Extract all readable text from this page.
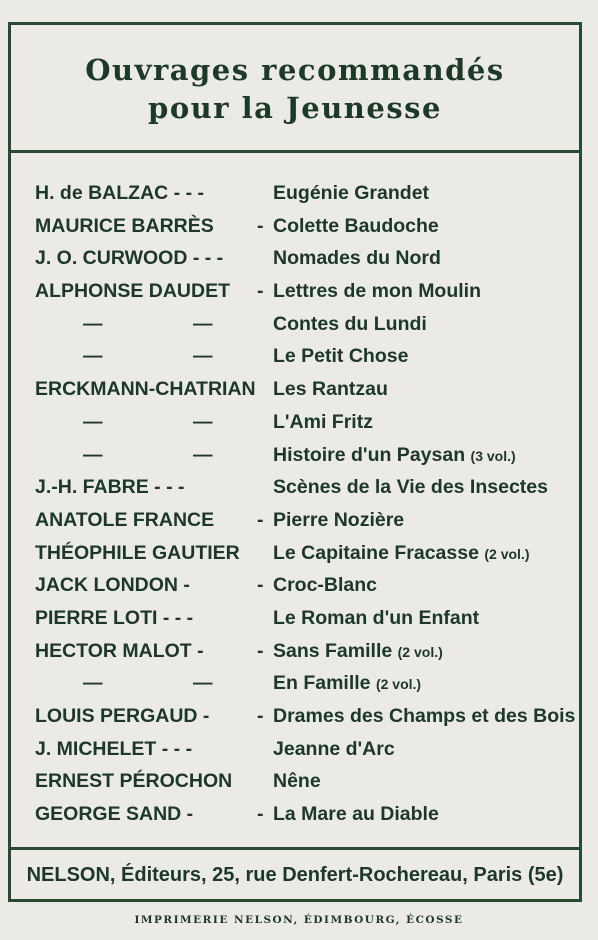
Ouvrages recommandés
pour la Jeunesse
H. de BALZAC - - -	Eugénie Grandet
MAURICE BARRÈS - Colette Baudoche
J. O. CURWOOD - - -	Nomades du Nord
ALPHONSE DAUDET - Lettres de mon Moulin
—	—	Contes du Lundi
—	—	Le Petit Chose
ERCKMANN-CHATRIAN Les Rantzau
—	—	L'Ami Fritz
—	—	Histoire d'un Paysan (3 vol.)
J.-H. FABRE - - -	Scènes de la Vie des Insectes
ANATOLE FRANCE - Pierre Nozière
THÉOPHILE GAUTIER Le Capitaine Fracasse (2 vol.)
JACK LONDON -	- Croc-Blanc
PIERRE LOTI - - -	Le Roman d'un Enfant
HECTOR MALOT -	- Sans Famille (2 vol.)
—	—	En Famille (2 vol.)
LOUIS PERGAUD - - Drames des Champs et des Bois
J. MICHELET - - -	Jeanne d'Arc
ERNEST PÉROCHON Nêne
GEORGE SAND -	- La Mare au Diable
NELSON, Éditeurs, 25, rue Denfert-Rochereau, Paris (5e)
IMPRIMERIE NELSON, ÉDIMBOURG, ÉCOSSE
